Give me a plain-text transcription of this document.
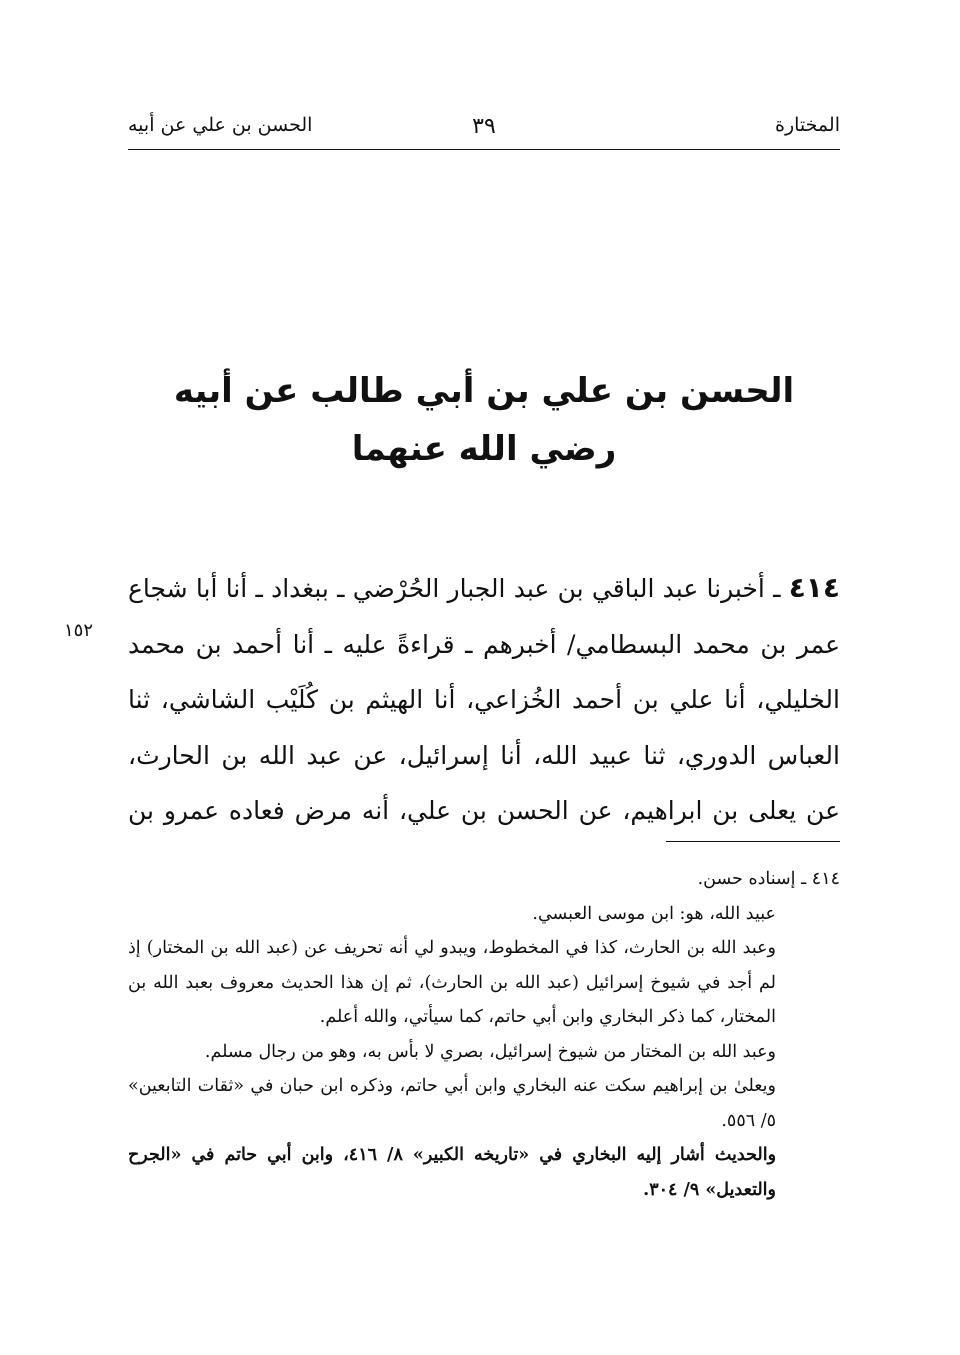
المختارة
٣٩
الحسن بن علي عن أبيه
الحسن بن علي بن أبي طالب عن أبيه
رضي الله عنهما
٤١٤ ـ أخبرنا عبد الباقي بن عبد الجبار الحُرْضي ـ ببغداد ـ أنا أبا شجاع عمر بن محمد البسطامي/ أخبرهم ـ قراءةً عليه ـ أنا أحمد بن محمد الخليلي، أنا علي بن أحمد الخُزاعي، أنا الهيثم بن كُلَيْب الشاشي، ثنا العباس الدوري، ثنا عبيد الله، أنا إسرائيل، عن عبد الله بن الحارث، عن يعلى بن ابراهيم، عن الحسن بن علي، أنه مرض فعاده عمرو بن
١٥٢
٤١٤ ـ إسناده حسن.
عبيد الله، هو: ابن موسى العبسي.
وعبد الله بن الحارث، كذا في المخطوط، ويبدو لي أنه تحريف عن (عبد الله بن المختار) إذ لم أجد في شيوخ إسرائيل (عبد الله بن الحارث)، ثم إن هذا الحديث معروف بعبد الله بن المختار، كما ذكر البخاري وابن أبي حاتم، كما سيأتي، والله أعلم.
وعبد الله بن المختار من شيوخ إسرائيل، بصري لا بأس به، وهو من رجال مسلم.
ويعلىٰ بن إبراهيم سكت عنه البخاري وابن أبي حاتم، وذكره ابن حبان في «ثقات التابعين» ٥/ ٥٥٦.
والحديث أشار إليه البخاري في «تاريخه الكبير» ٨/ ٤١٦، وابن أبي حاتم في «الجرح والتعديل» ٩/ ٣٠٤.
